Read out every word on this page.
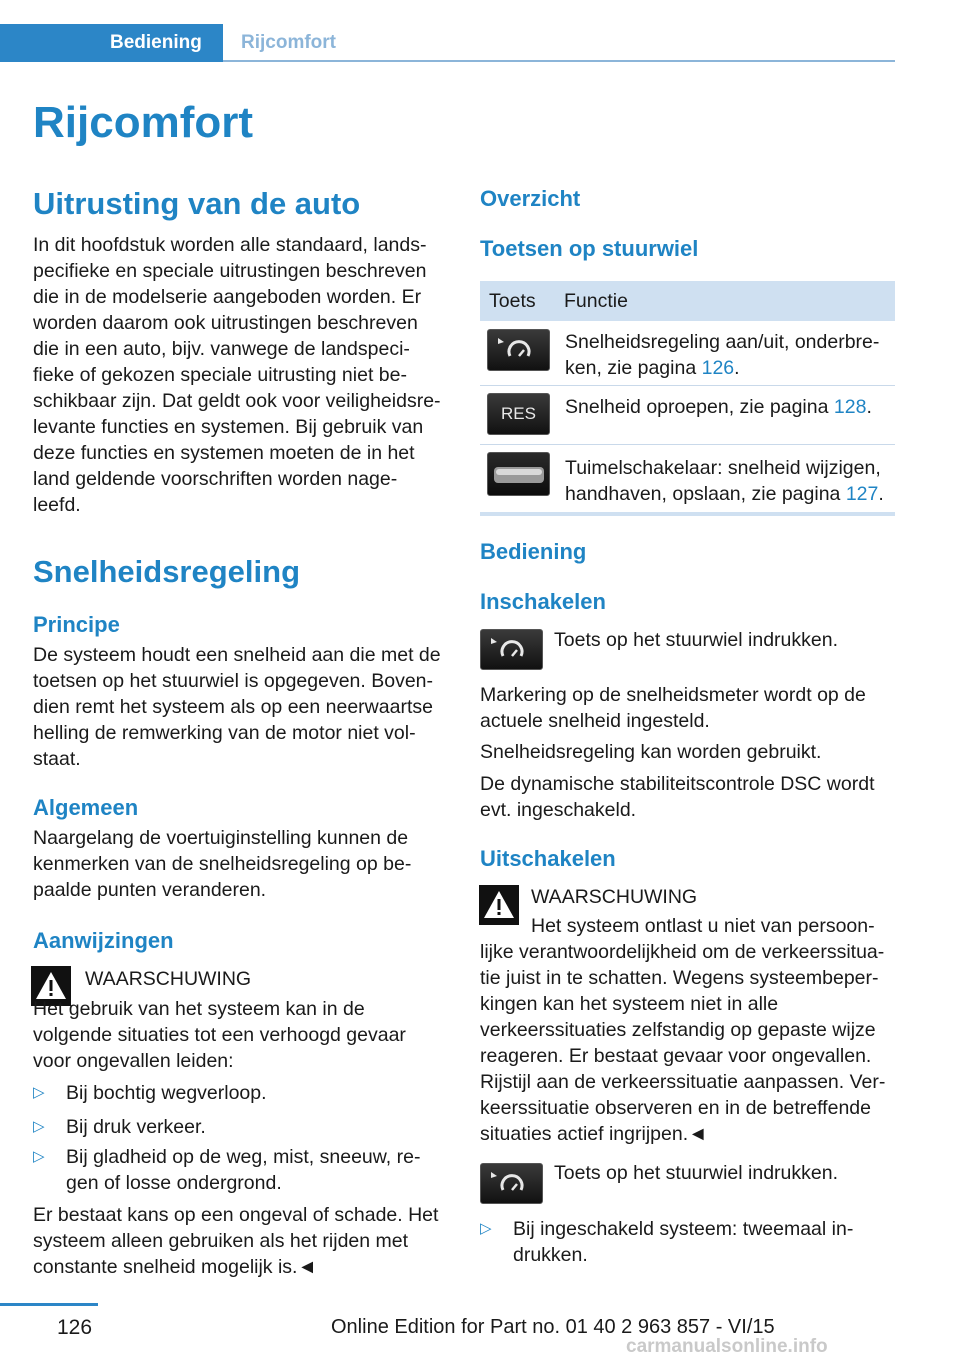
Bediening Rijcomfort
Rijcomfort
Uitrusting van de auto
In dit hoofdstuk worden alle standaard, lands‐
pecifieke en speciale uitrustingen beschreven
die in de modelserie aangeboden worden. Er
worden daarom ook uitrustingen beschreven
die in een auto, bijv. vanwege de landspeci‐
fieke of gekozen speciale uitrusting niet be‐
schikbaar zijn. Dat geldt ook voor veiligheidsre‐
levante functies en systemen. Bij gebruik van
deze functies en systemen moeten de in het
land geldende voorschriften worden nage‐
leefd.
Snelheidsregeling
Principe
De systeem houdt een snelheid aan die met de
toetsen op het stuurwiel is opgegeven. Boven‐
dien remt het systeem als op een neerwaartse
helling de remwerking van de motor niet vol‐
staat.
Algemeen
Naargelang de voertuiginstelling kunnen de
kenmerken van de snelheidsregeling op be‐
paalde punten veranderen.
Aanwijzingen
WAARSCHUWING
Het gebruik van het systeem kan in de
volgende situaties tot een verhoogd gevaar
voor ongevallen leiden:
▷	Bij bochtig wegverloop.
▷	Bij druk verkeer.
▷	Bij gladheid op de weg, mist, sneeuw, re‐
gen of losse ondergrond.
Er bestaat kans op een ongeval of schade. Het
systeem alleen gebruiken als het rijden met
constante snelheid mogelijk is.◄
Overzicht
Toetsen op stuurwiel
Toets Functie
Snelheidsregeling aan/uit, onderbre‐
ken, zie pagina 126.
RES	Snelheid oproepen, zie pagina 128.
Tuimelschakelaar: snelheid wijzigen,
handhaven, opslaan, zie pagina 127.
Bediening
Inschakelen
Toets op het stuurwiel indrukken.
Markering op de snelheidsmeter wordt op de
actuele snelheid ingesteld.
Snelheidsregeling kan worden gebruikt.
De dynamische stabiliteitscontrole DSC wordt
evt. ingeschakeld.
Uitschakelen
WAARSCHUWING
Het systeem ontlast u niet van persoon‐
lijke verantwoordelijkheid om de verkeerssitua‐
tie juist in te schatten. Wegens systeembeper‐
kingen kan het systeem niet in alle
verkeerssituaties zelfstandig op gepaste wijze
reageren. Er bestaat gevaar voor ongevallen.
Rijstijl aan de verkeerssituatie aanpassen. Ver‐
keerssituatie observeren en in de betreffende
situaties actief ingrijpen.◄
Toets op het stuurwiel indrukken.
▷	Bij ingeschakeld systeem: tweemaal in‐
drukken.
126	Online Edition for Part no. 01 40 2 963 857 - VI/15
carmanualsonline.info
